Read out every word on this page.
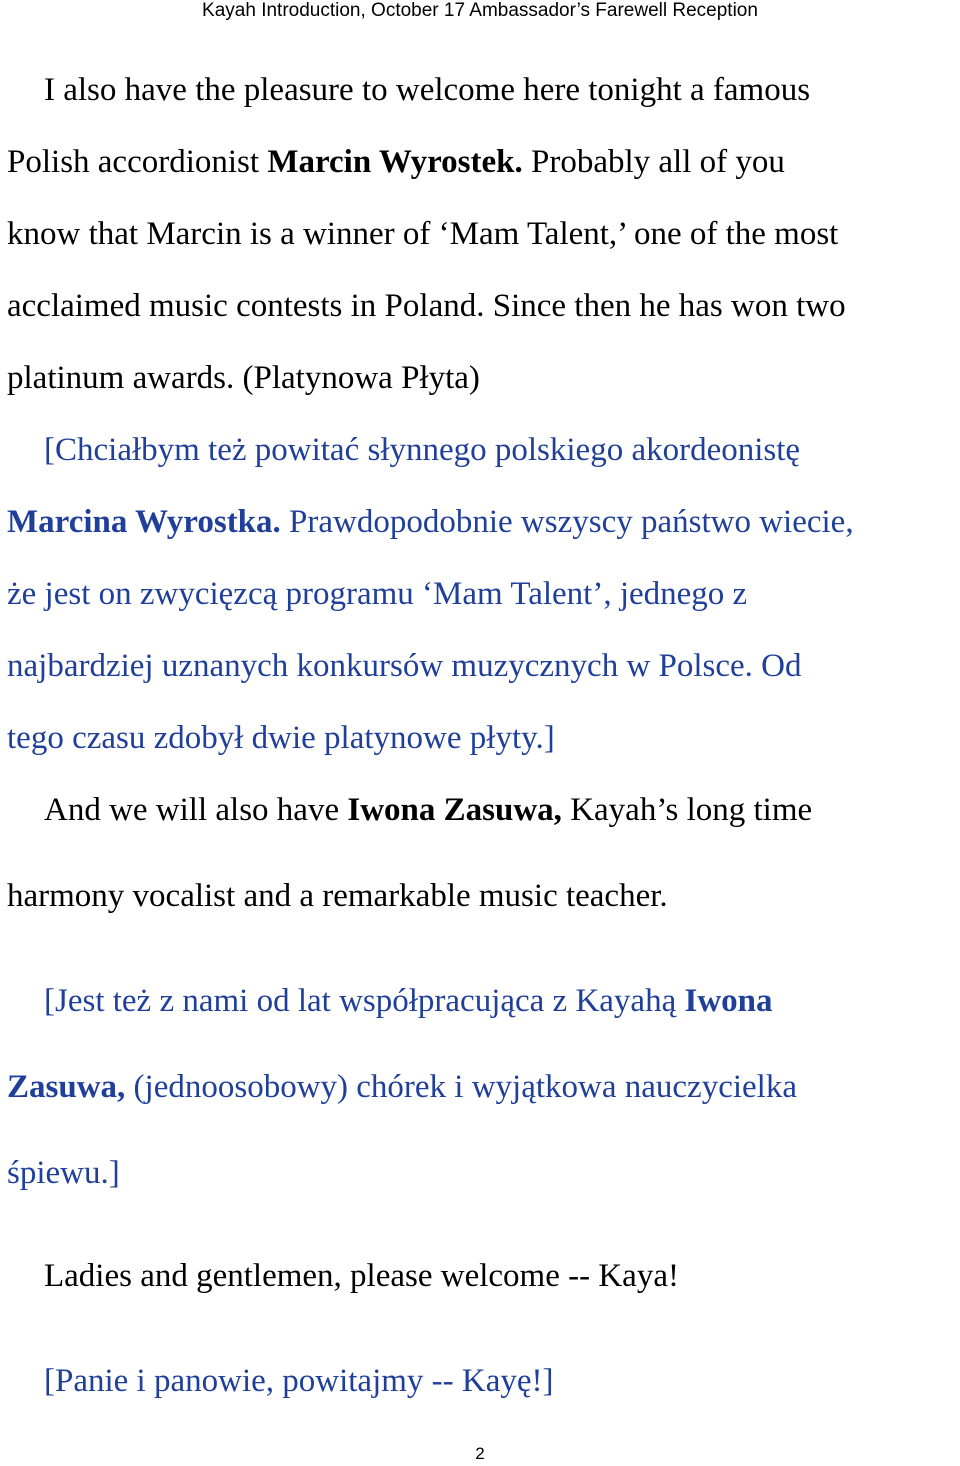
Kayah Introduction, October 17 Ambassador’s Farewell Reception

I also have the pleasure to welcome here tonight a famous
Polish accordionist Marcin Wyrostek. Probably all of you
know that Marcin is a winner of ‘Mam Talent,’ one of the most
acclaimed music contests in Poland. Since then he has won two
platinum awards. (Platynowa Płyta)

[Chciałbym też powitać słynnego polskiego akordeonistę
Marcina Wyrostka. Prawdopodobnie wszyscy państwo wiecie,
że jest on zwycięzcą programu ‘Mam Talent’, jednego z
najbardziej uznanych konkursów muzycznych w Polsce. Od
tego czasu zdobył dwie platynowe płyty.]

And we will also have Iwona Zasuwa, Kayah’s long time
harmony vocalist and a remarkable music teacher.

[Jest też z nami od lat współpracująca z Kayahą Iwona
Zasuwa, (jednoosobowy) chórek i wyjątkowa nauczycielka
śpiewu.]

Ladies and gentlemen, please welcome -- Kaya!

[Panie i panowie, powitajmy -- Kayę!]

2
